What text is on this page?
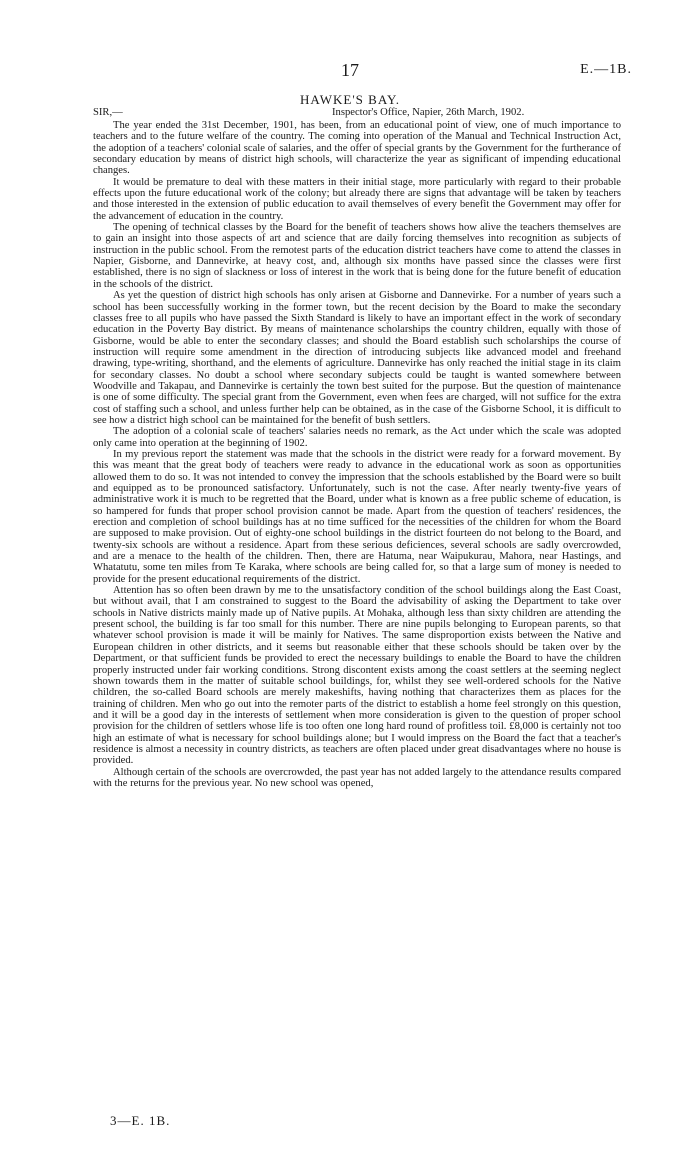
17	E.—1B.
HAWKE'S BAY.
SIR,—	Inspector's Office, Napier, 26th March, 1902.

The year ended the 31st December, 1901, has been, from an educational point of view, one of much importance to teachers and to the future welfare of the country. The coming into operation of the Manual and Technical Instruction Act, the adoption of a teachers' colonial scale of salaries, and the offer of special grants by the Government for the furtherance of secondary education by means of district high schools, will characterize the year as significant of impending educational changes.

It would be premature to deal with these matters in their initial stage, more particularly with regard to their probable effects upon the future educational work of the colony; but already there are signs that advantage will be taken by teachers and those interested in the extension of public education to avail themselves of every benefit the Government may offer for the advancement of education in the country.

The opening of technical classes by the Board for the benefit of teachers shows how alive the teachers themselves are to gain an insight into those aspects of art and science that are daily forcing themselves into recognition as subjects of instruction in the public school. From the remotest parts of the education district teachers have come to attend the classes in Napier, Gisborne, and Dannevirke, at heavy cost, and, although six months have passed since the classes were first established, there is no sign of slackness or loss of interest in the work that is being done for the future benefit of education in the schools of the district.

As yet the question of district high schools has only arisen at Gisborne and Dannevirke. For a number of years such a school has been successfully working in the former town, but the recent decision by the Board to make the secondary classes free to all pupils who have passed the Sixth Standard is likely to have an important effect in the work of secondary education in the Poverty Bay district. By means of maintenance scholarships the country children, equally with those of Gisborne, would be able to enter the secondary classes; and should the Board establish such scholarships the course of instruction will require some amendment in the direction of introducing subjects like advanced model and freehand drawing, type-writing, shorthand, and the elements of agriculture. Dannevirke has only reached the initial stage in its claim for secondary classes. No doubt a school where secondary subjects could be taught is wanted somewhere between Woodville and Takapau, and Dannevirke is certainly the town best suited for the purpose. But the question of maintenance is one of some difficulty. The special grant from the Government, even when fees are charged, will not suffice for the extra cost of staffing such a school, and unless further help can be obtained, as in the case of the Gisborne School, it is difficult to see how a district high school can be maintained for the benefit of bush settlers.

The adoption of a colonial scale of teachers' salaries needs no remark, as the Act under which the scale was adopted only came into operation at the beginning of 1902.

In my previous report the statement was made that the schools in the district were ready for a forward movement. By this was meant that the great body of teachers were ready to advance in the educational work as soon as opportunities allowed them to do so. It was not intended to convey the impression that the schools established by the Board were so built and equipped as to be pronounced satisfactory. Unfortunately, such is not the case. After nearly twenty-five years of administrative work it is much to be regretted that the Board, under what is known as a free public scheme of education, is so hampered for funds that proper school provision cannot be made. Apart from the question of teachers' residences, the erection and completion of school buildings has at no time sufficed for the necessities of the children for whom the Board are supposed to make provision. Out of eighty-one school buildings in the district fourteen do not belong to the Board, and twenty-six schools are without a residence. Apart from these serious deficiences, several schools are sadly overcrowded, and are a menace to the health of the children. Then, there are Hatuma, near Waipukurau, Mahora, near Hastings, and Whatatutu, some ten miles from Te Karaka, where schools are being called for, so that a large sum of money is needed to provide for the present educational requirements of the district.

Attention has so often been drawn by me to the unsatisfactory condition of the school buildings along the East Coast, but without avail, that I am constrained to suggest to the Board the advisability of asking the Department to take over schools in Native districts mainly made up of Native pupils. At Mohaka, although less than sixty children are attending the present school, the building is far too small for this number. There are nine pupils belonging to European parents, so that whatever school provision is made it will be mainly for Natives. The same disproportion exists between the Native and European children in other districts, and it seems but reasonable either that these schools should be taken over by the Department, or that sufficient funds be provided to erect the necessary buildings to enable the Board to have the children properly instructed under fair working conditions. Strong discontent exists among the coast settlers at the seeming neglect shown towards them in the matter of suitable school buildings, for, whilst they see well-ordered schools for the Native children, the so-called Board schools are merely makeshifts, having nothing that characterizes them as places for the training of children. Men who go out into the remoter parts of the district to establish a home feel strongly on this question, and it will be a good day in the interests of settlement when more consideration is given to the question of proper school provision for the children of settlers whose life is too often one long hard round of profitless toil. £8,000 is certainly not too high an estimate of what is necessary for school buildings alone; but I would impress on the Board the fact that a teacher's residence is almost a necessity in country districts, as teachers are often placed under great disadvantages where no house is provided.

Although certain of the schools are overcrowded, the past year has not added largely to the attendance results compared with the returns for the previous year. No new school was opened,

3—E. 1B.
